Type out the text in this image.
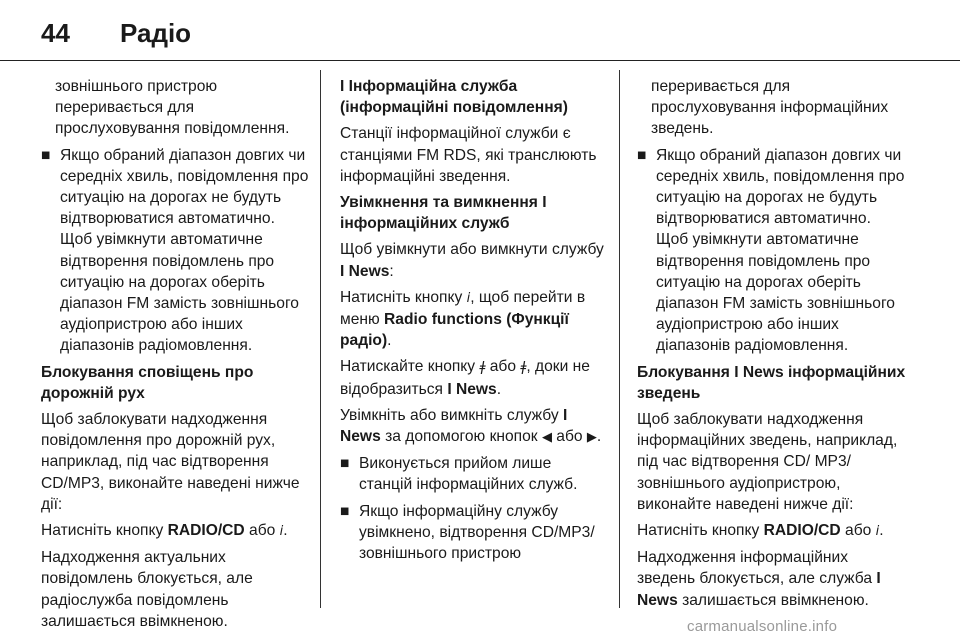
44	Радіо

зовнішнього пристрою переривається для прослуховування повідомлення.

■ Якщо обраний діапазон довгих чи середніх хвиль, повідомлення про ситуацію на дорогах не будуть відтворюватися автоматично. Щоб увімкнути автоматичне відтворення повідомлень про ситуацію на дорогах оберіть діапазон FM замість зовнішнього аудіопристрою або інших діапазонів радіомовлення.

Блокування сповіщень про дорожній рух

Щоб заблокувати надходження повідомлення про дорожній рух, наприклад, під час відтворення CD/MP3, виконайте наведені нижче дії:

Натисніть кнопку RADIO/CD або i.

Надходження актуальних повідомлень блокується, але радіослужба повідомлень залишається ввімкненою.

I Інформаційна служба (інформаційні повідомлення)

Станції інформаційної служби є станціями FM RDS, які транслюють інформаційні зведення.

Увімкнення та вимкнення І інформаційних служб

Щоб увімкнути або вимкнути службу I News:

Натисніть кнопку i, щоб перейти в меню Radio functions (Функції радіо).

Натискайте кнопку ǂ або ǂ, доки не відобразиться I News.

Увімкніть або вимкніть службу I News за допомогою кнопок ◀ або ▶.

■ Виконується прийом лише станцій інформаційних служб.
■ Якщо інформаційну службу увімкнено, відтворення CD/MP3/ зовнішнього пристрою

переривається для прослуховування інформаційних зведень.

■ Якщо обраний діапазон довгих чи середніх хвиль, повідомлення про ситуацію на дорогах не будуть відтворюватися автоматично. Щоб увімкнути автоматичне відтворення повідомлень про ситуацію на дорогах оберіть діапазон FM замість зовнішнього аудіопристрою або інших діапазонів радіомовлення.

Блокування I News інформаційних зведень

Щоб заблокувати надходження інформаційних зведень, наприклад, під час відтворення CD/ MP3/зовнішнього аудіопристрою, виконайте наведені нижче дії:

Натисніть кнопку RADIO/CD або i.

Надходження інформаційних зведень блокується, але служба I News залишається ввімкненою.

carmanualsonline.info
